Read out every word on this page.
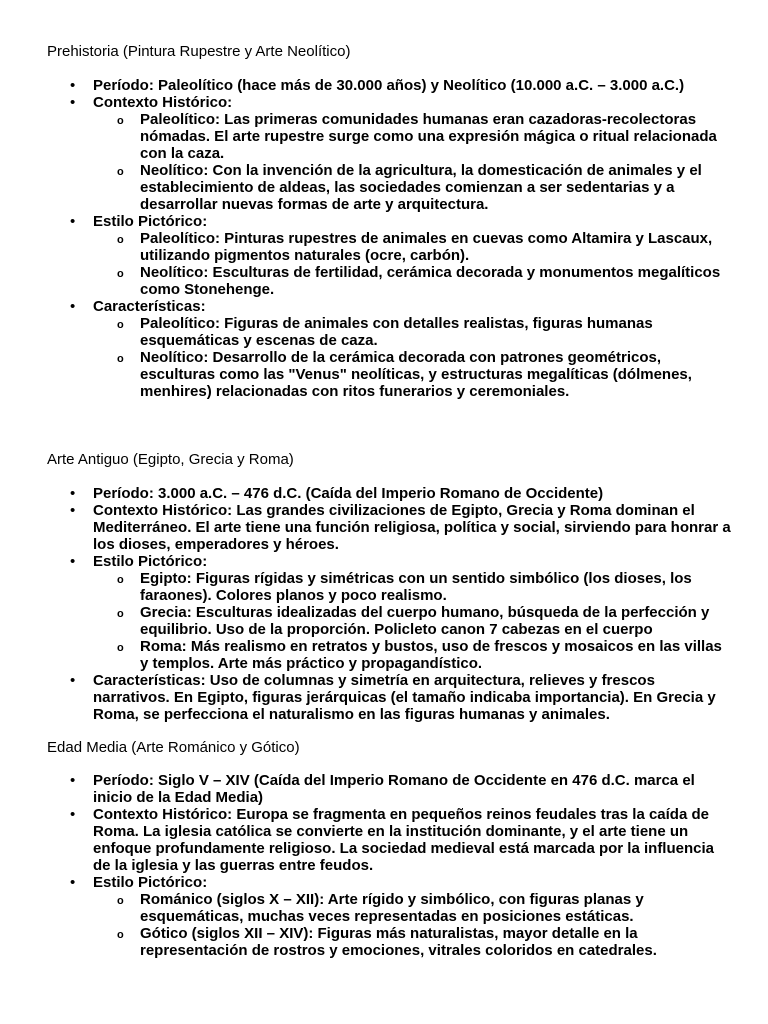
Prehistoria (Pintura Rupestre y Arte Neolítico)
• Período: Paleolítico (hace más de 30.000 años) y Neolítico (10.000 a.C. – 3.000 a.C.)
• Contexto Histórico:
o Paleolítico: Las primeras comunidades humanas eran cazadoras-recolectoras nómadas. El arte rupestre surge como una expresión mágica o ritual relacionada con la caza.
o Neolítico: Con la invención de la agricultura, la domesticación de animales y el establecimiento de aldeas, las sociedades comienzan a ser sedentarias y a desarrollar nuevas formas de arte y arquitectura.
• Estilo Pictórico:
o Paleolítico: Pinturas rupestres de animales en cuevas como Altamira y Lascaux, utilizando pigmentos naturales (ocre, carbón).
o Neolítico: Esculturas de fertilidad, cerámica decorada y monumentos megalíticos como Stonehenge.
• Características:
o Paleolítico: Figuras de animales con detalles realistas, figuras humanas esquemáticas y escenas de caza.
o Neolítico: Desarrollo de la cerámica decorada con patrones geométricos, esculturas como las "Venus" neolíticas, y estructuras megalíticas (dólmenes, menhires) relacionadas con ritos funerarios y ceremoniales.
Arte Antiguo (Egipto, Grecia y Roma)
• Período: 3.000 a.C. – 476 d.C. (Caída del Imperio Romano de Occidente)
• Contexto Histórico: Las grandes civilizaciones de Egipto, Grecia y Roma dominan el Mediterráneo. El arte tiene una función religiosa, política y social, sirviendo para honrar a los dioses, emperadores y héroes.
• Estilo Pictórico:
o Egipto: Figuras rígidas y simétricas con un sentido simbólico (los dioses, los faraones). Colores planos y poco realismo.
o Grecia: Esculturas idealizadas del cuerpo humano, búsqueda de la perfección y equilibrio. Uso de la proporción. Policleto canon 7 cabezas en el cuerpo
o Roma: Más realismo en retratos y bustos, uso de frescos y mosaicos en las villas y templos. Arte más práctico y propagandístico.
• Características: Uso de columnas y simetría en arquitectura, relieves y frescos narrativos. En Egipto, figuras jerárquicas (el tamaño indicaba importancia). En Grecia y Roma, se perfecciona el naturalismo en las figuras humanas y animales.
Edad Media (Arte Románico y Gótico)
• Período: Siglo V – XIV (Caída del Imperio Romano de Occidente en 476 d.C. marca el inicio de la Edad Media)
• Contexto Histórico: Europa se fragmenta en pequeños reinos feudales tras la caída de Roma. La iglesia católica se convierte en la institución dominante, y el arte tiene un enfoque profundamente religioso. La sociedad medieval está marcada por la influencia de la iglesia y las guerras entre feudos.
• Estilo Pictórico:
o Románico (siglos X – XII): Arte rígido y simbólico, con figuras planas y esquemáticas, muchas veces representadas en posiciones estáticas.
o Gótico (siglos XII – XIV): Figuras más naturalistas, mayor detalle en la representación de rostros y emociones, vitrales coloridos en catedrales.
